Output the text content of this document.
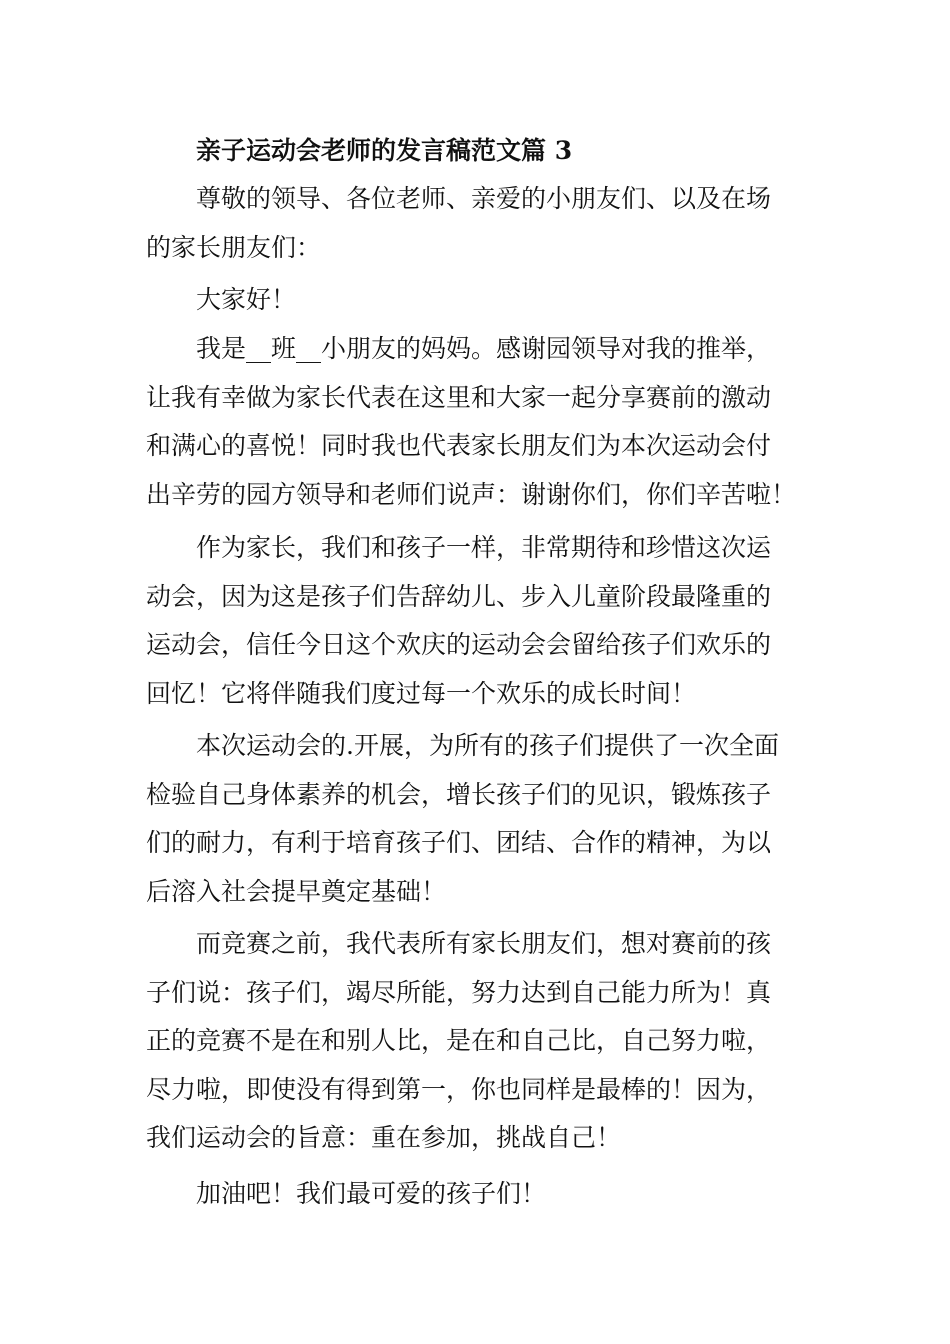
亲子运动会老师的发言稿范文篇 3

尊敬的领导、各位老师、亲爱的小朋友们、以及在场
的家长朋友们：

大家好！

我是__班__小朋友的妈妈。感谢园领导对我的推举，
让我有幸做为家长代表在这里和大家一起分享赛前的激动
和满心的喜悦！同时我也代表家长朋友们为本次运动会付
出辛劳的园方领导和老师们说声：谢谢你们，你们辛苦啦！

作为家长，我们和孩子一样，非常期待和珍惜这次运
动会，因为这是孩子们告辞幼儿、步入儿童阶段最隆重的
运动会，信任今日这个欢庆的运动会会留给孩子们欢乐的
回忆！它将伴随我们度过每一个欢乐的成长时间！

本次运动会的.开展，为所有的孩子们提供了一次全面
检验自己身体素养的机会，增长孩子们的见识，锻炼孩子
们的耐力，有利于培育孩子们、团结、合作的精神，为以
后溶入社会提早奠定基础！

而竞赛之前，我代表所有家长朋友们，想对赛前的孩
子们说：孩子们，竭尽所能，努力达到自己能力所为！真
正的竞赛不是在和别人比，是在和自己比，自己努力啦，
尽力啦，即使没有得到第一，你也同样是最棒的！因为，
我们运动会的旨意：重在参加，挑战自己！

加油吧！我们最可爱的孩子们！
